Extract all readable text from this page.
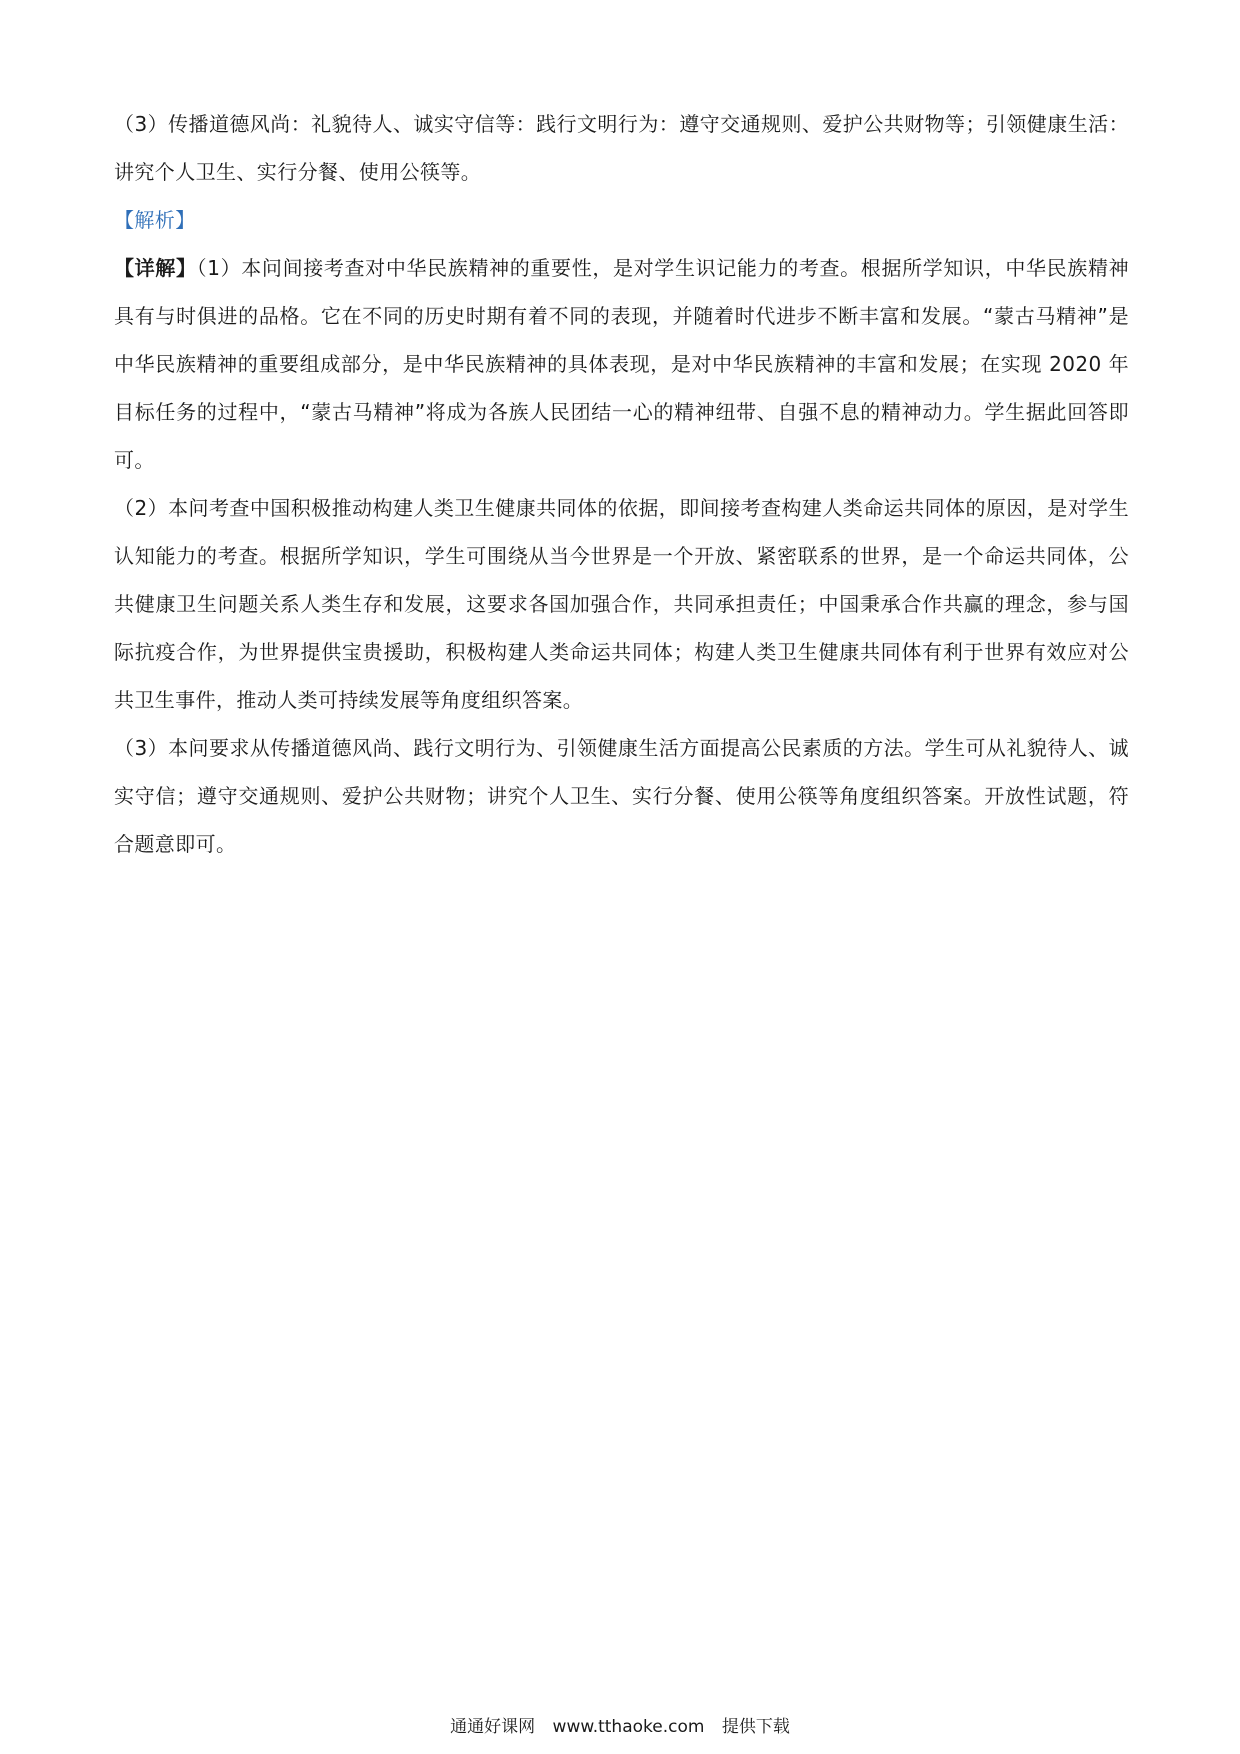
（3）传播道德风尚：礼貌待人、诚实守信等：践行文明行为：遵守交通规则、爱护公共财物等；引领健康生活：讲究个人卫生、实行分餐、使用公筷等。

【解析】

【详解】（1）本问间接考查对中华民族精神的重要性，是对学生识记能力的考查。根据所学知识，中华民族精神具有与时俱进的品格。它在不同的历史时期有着不同的表现，并随着时代进步不断丰富和发展。“蒙古马精神”是中华民族精神的重要组成部分，是中华民族精神的具体表现，是对中华民族精神的丰富和发展；在实现 2020 年目标任务的过程中，“蒙古马精神”将成为各族人民团结一心的精神纽带、自强不息的精神动力。学生据此回答即可。

（2）本问考查中国积极推动构建人类卫生健康共同体的依据，即间接考查构建人类命运共同体的原因，是对学生认知能力的考查。根据所学知识，学生可围绕从当今世界是一个开放、紧密联系的世界，是一个命运共同体，公共健康卫生问题关系人类生存和发展，这要求各国加强合作，共同承担责任；中国秉承合作共赢的理念，参与国际抗疫合作，为世界提供宝贵援助，积极构建人类命运共同体；构建人类卫生健康共同体有利于世界有效应对公共卫生事件，推动人类可持续发展等角度组织答案。

（3）本问要求从传播道德风尚、践行文明行为、引领健康生活方面提高公民素质的方法。学生可从礼貌待人、诚实守信；遵守交通规则、爱护公共财物；讲究个人卫生、实行分餐、使用公筷等角度组织答案。开放性试题，符合题意即可。

通通好课网 www.tthaoke.com 提供下载
